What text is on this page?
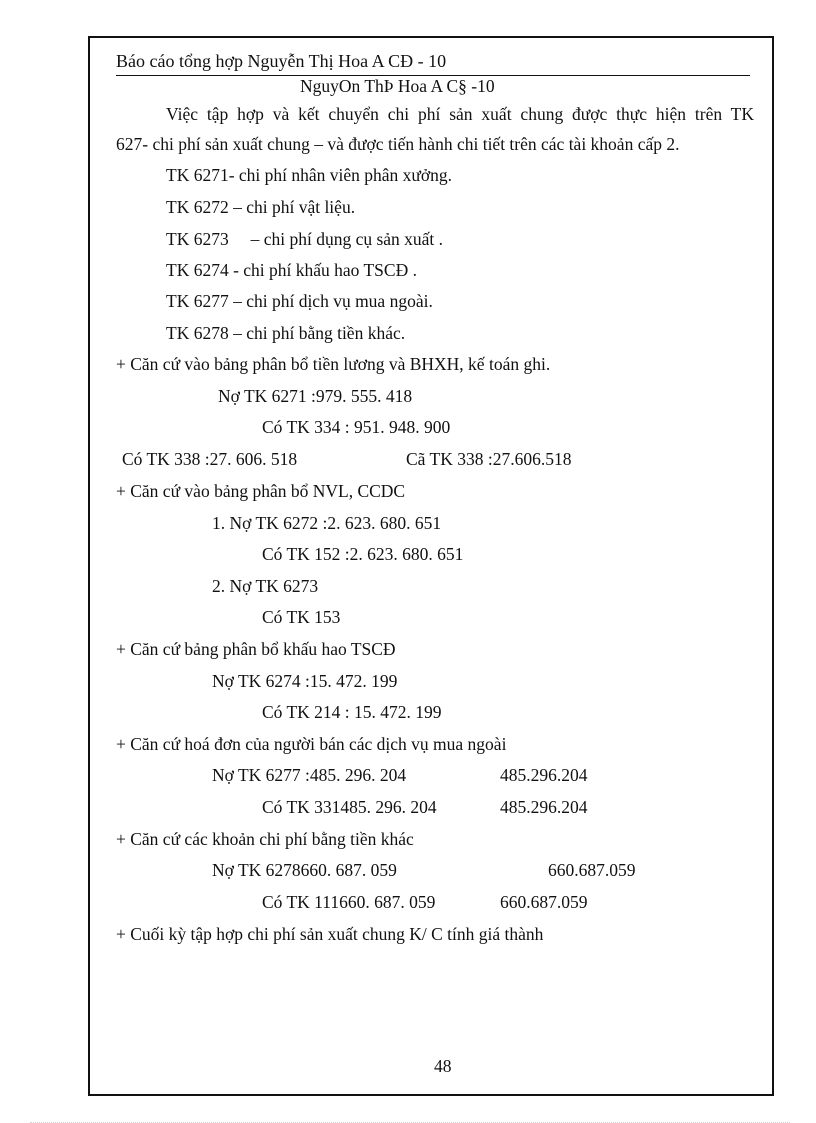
Báo cáo tổng hợp Nguyễn Thị Hoa A CĐ - 10
NguyOn ThÞ Hoa A C§ -10
Việc tập hợp và kết chuyển chi phí sản xuất chung được thực hiện trên TK
627- chi phí sản xuất chung – và được tiến hành chi tiết trên các tài khoản cấp 2.
TK 6271- chi phí nhân viên phân xưởng.
TK 6272 – chi phí vật liệu.
TK 6273     – chi phí dụng cụ sản xuất .
TK 6274 - chi phí khấu hao TSCĐ .
TK 6277 – chi phí dịch vụ mua ngoài.
TK 6278 – chi phí bằng tiền khác.
+ Căn cứ vào bảng phân bổ tiền lương và BHXH, kế toán ghi.
Nợ TK 6271 :979. 555. 418
Có TK 334 : 951. 948. 900
Có TK 338 :27. 606. 518	Cã TK 338 :27.606.518
+ Căn cứ vào bảng phân bổ NVL, CCDC
1. Nợ TK 6272 :2. 623. 680. 651
Có TK 152 :2. 623. 680. 651
2. Nợ TK 6273
Có TK 153
+ Căn cứ bảng phân bổ khấu hao TSCĐ
Nợ TK 6274 :15. 472. 199
Có TK 214 : 15. 472. 199
+ Căn cứ hoá đơn của người bán các dịch vụ mua ngoài
Nợ TK 6277 :485. 296. 204	485.296.204
Có TK 331485. 296. 204	485.296.204
+ Căn cứ các khoản chi phí bằng tiền khác
Nợ TK 6278660. 687. 059	660.687.059
Có TK 111660. 687. 059	660.687.059
+ Cuối kỳ tập hợp chi phí sản xuất chung K/ C tính giá thành
48
